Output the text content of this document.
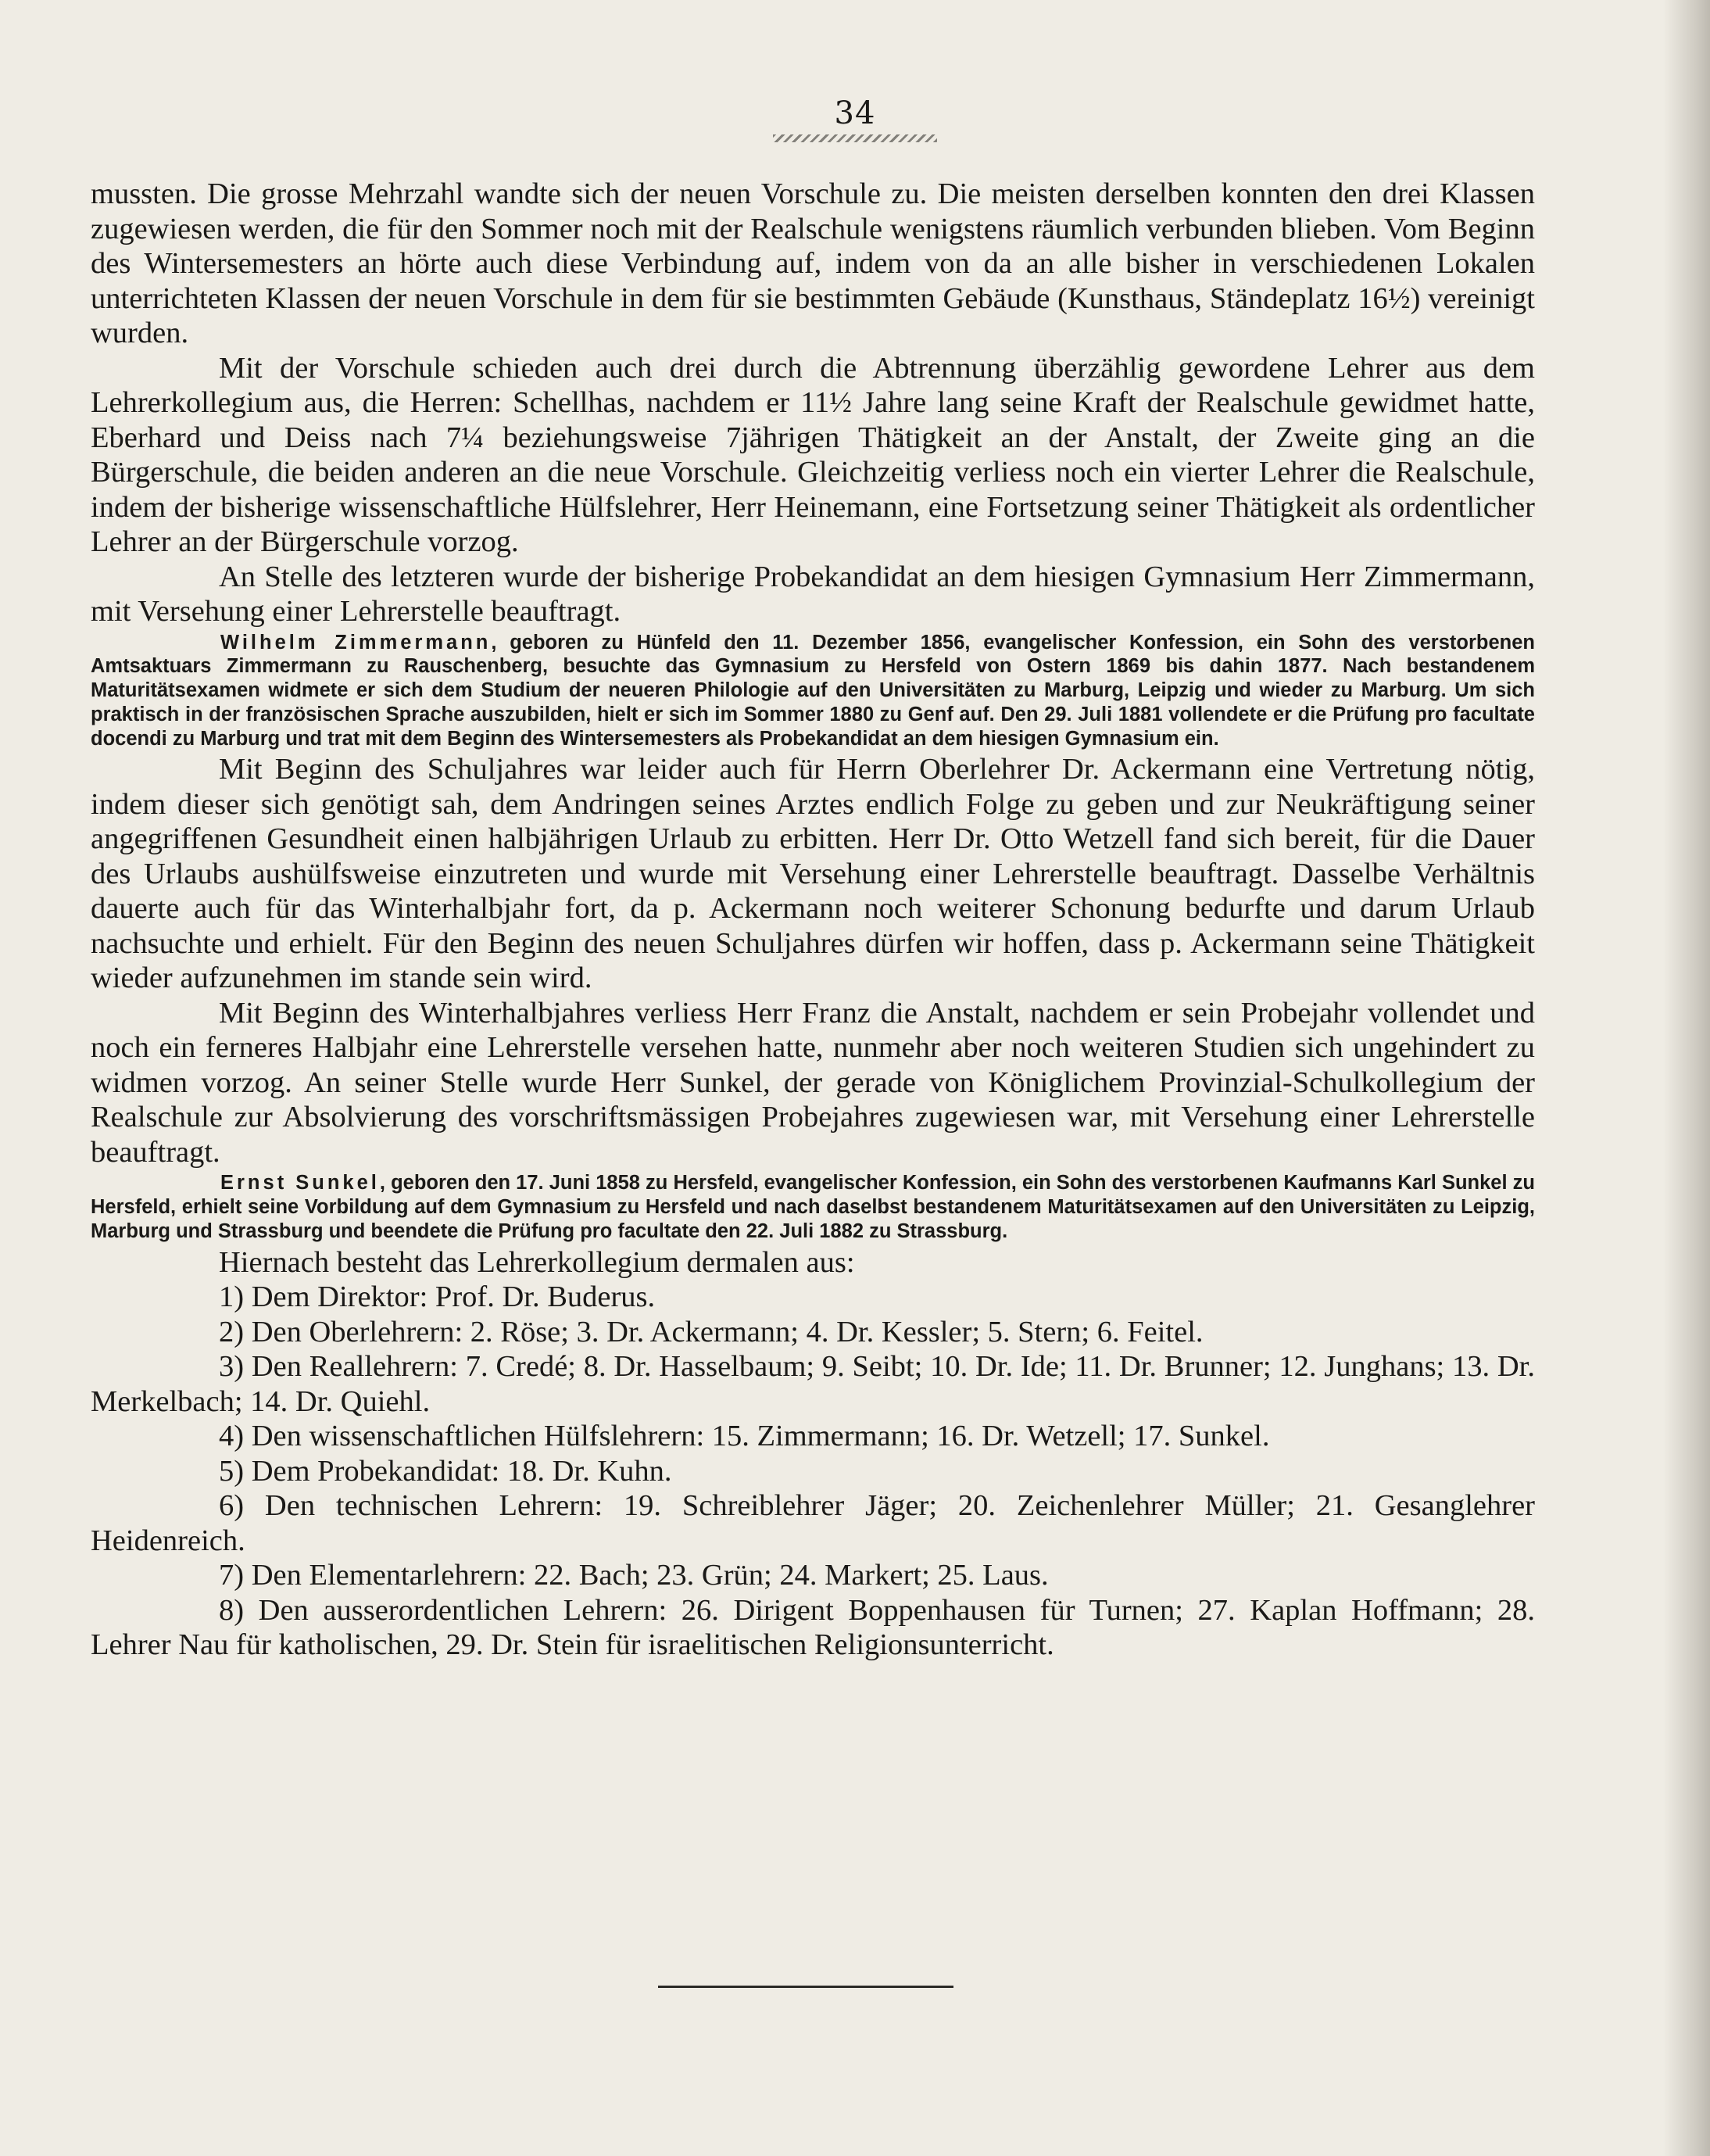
34

mussten. Die grosse Mehrzahl wandte sich der neuen Vorschule zu. Die meisten derselben konnten den drei Klassen zugewiesen werden, die für den Sommer noch mit der Realschule wenigstens räumlich verbunden blieben. Vom Beginn des Wintersemesters an hörte auch diese Verbindung auf, indem von da an alle bisher in verschiedenen Lokalen unterrichteten Klassen der neuen Vorschule in dem für sie bestimmten Gebäude (Kunsthaus, Ständeplatz 16½) vereinigt wurden.

Mit der Vorschule schieden auch drei durch die Abtrennung überzählig gewordene Lehrer aus dem Lehrerkollegium aus, die Herren: Schellhas, nachdem er 11½ Jahre lang seine Kraft der Realschule gewidmet hatte, Eberhard und Deiss nach 7¼ beziehungsweise 7jährigen Thätigkeit an der Anstalt, der Zweite ging an die Bürgerschule, die beiden anderen an die neue Vorschule. Gleichzeitig verliess noch ein vierter Lehrer die Realschule, indem der bisherige wissenschaftliche Hülfslehrer, Herr Heinemann, eine Fortsetzung seiner Thätigkeit als ordentlicher Lehrer an der Bürgerschule vorzog.

An Stelle des letzteren wurde der bisherige Probekandidat an dem hiesigen Gymnasium Herr Zimmermann, mit Versehung einer Lehrerstelle beauftragt.

Wilhelm Zimmermann, geboren zu Hünfeld den 11. Dezember 1856, evangelischer Konfession, ein Sohn des verstorbenen Amtsaktuars Zimmermann zu Rauschenberg, besuchte das Gymnasium zu Hersfeld von Ostern 1869 bis dahin 1877. Nach bestandenem Maturitätsexamen widmete er sich dem Studium der neueren Philologie auf den Universitäten zu Marburg, Leipzig und wieder zu Marburg. Um sich praktisch in der französischen Sprache auszubilden, hielt er sich im Sommer 1880 zu Genf auf. Den 29. Juli 1881 vollendete er die Prüfung pro facultate docendi zu Marburg und trat mit dem Beginn des Wintersemesters als Probekandidat an dem hiesigen Gymnasium ein.

Mit Beginn des Schuljahres war leider auch für Herrn Oberlehrer Dr. Ackermann eine Vertretung nötig, indem dieser sich genötigt sah, dem Andringen seines Arztes endlich Folge zu geben und zur Neukräftigung seiner angegriffenen Gesundheit einen halbjährigen Urlaub zu erbitten. Herr Dr. Otto Wetzell fand sich bereit, für die Dauer des Urlaubs aushülfsweise einzutreten und wurde mit Versehung einer Lehrerstelle beauftragt. Dasselbe Verhältnis dauerte auch für das Winterhalbjahr fort, da p. Ackermann noch weiterer Schonung bedurfte und darum Urlaub nachsuchte und erhielt. Für den Beginn des neuen Schuljahres dürfen wir hoffen, dass p. Ackermann seine Thätigkeit wieder aufzunehmen im stande sein wird.

Mit Beginn des Winterhalbjahres verliess Herr Franz die Anstalt, nachdem er sein Probejahr vollendet und noch ein ferneres Halbjahr eine Lehrerstelle versehen hatte, nunmehr aber noch weiteren Studien sich ungehindert zu widmen vorzog. An seiner Stelle wurde Herr Sunkel, der gerade von Königlichem Provinzial-Schulkollegium der Realschule zur Absolvierung des vorschriftsmässigen Probejahres zugewiesen war, mit Versehung einer Lehrerstelle beauftragt.

Ernst Sunkel, geboren den 17. Juni 1858 zu Hersfeld, evangelischer Konfession, ein Sohn des verstorbenen Kaufmanns Karl Sunkel zu Hersfeld, erhielt seine Vorbildung auf dem Gymnasium zu Hersfeld und nach daselbst bestandenem Maturitätsexamen auf den Universitäten zu Leipzig, Marburg und Strassburg und beendete die Prüfung pro facultate den 22. Juli 1882 zu Strassburg.

Hiernach besteht das Lehrerkollegium dermalen aus:

1) Dem Direktor: Prof. Dr. Buderus.

2) Den Oberlehrern: 2. Röse; 3. Dr. Ackermann; 4. Dr. Kessler; 5. Stern; 6. Feitel.

3) Den Reallehrern: 7. Credé; 8. Dr. Hasselbaum; 9. Seibt; 10. Dr. Ide; 11. Dr. Brunner; 12. Junghans; 13. Dr. Merkelbach; 14. Dr. Quiehl.

4) Den wissenschaftlichen Hülfslehrern: 15. Zimmermann; 16. Dr. Wetzell; 17. Sunkel.

5) Dem Probekandidat: 18. Dr. Kuhn.

6) Den technischen Lehrern: 19. Schreiblehrer Jäger; 20. Zeichenlehrer Müller; 21. Gesanglehrer Heidenreich.

7) Den Elementarlehrern: 22. Bach; 23. Grün; 24. Markert; 25. Laus.

8) Den ausserordentlichen Lehrern: 26. Dirigent Boppenhausen für Turnen; 27. Kaplan Hoffmann; 28. Lehrer Nau für katholischen, 29. Dr. Stein für israelitischen Religionsunterricht.
